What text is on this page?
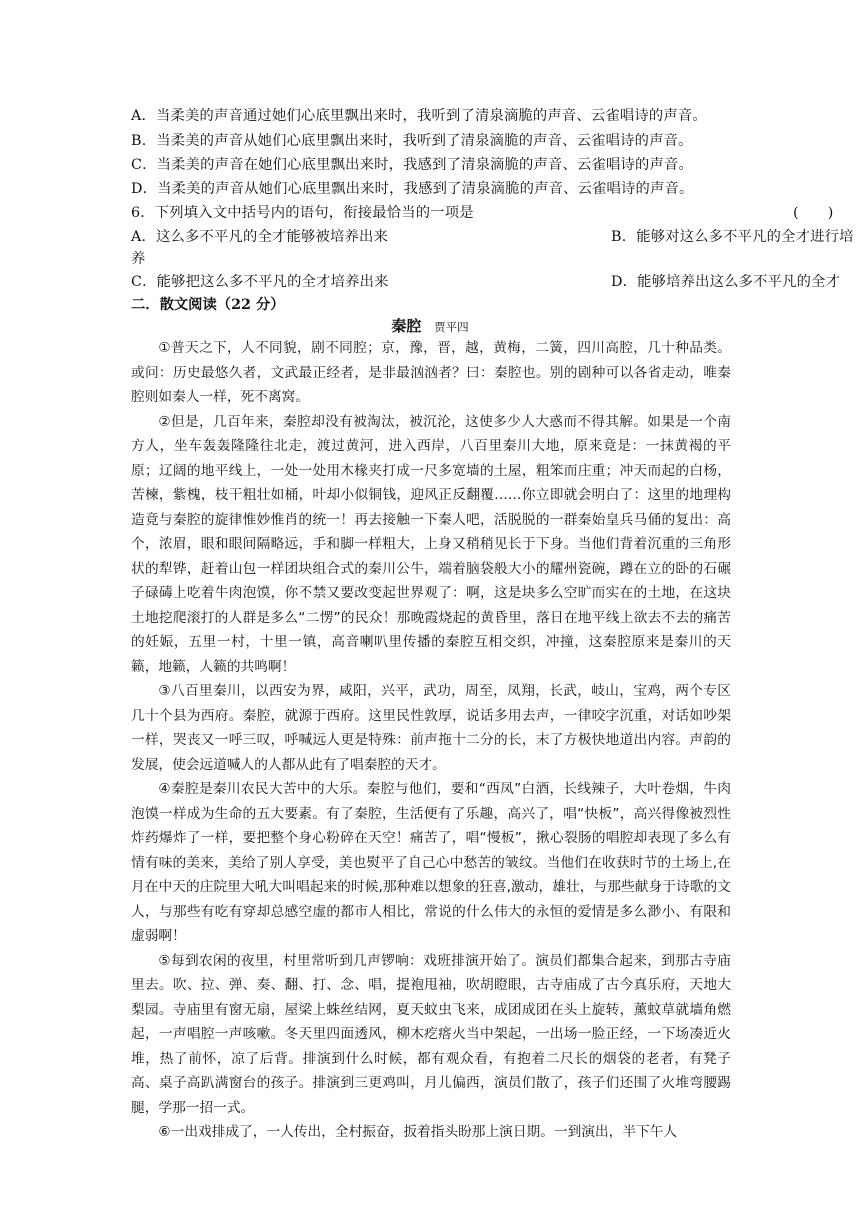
A．当柔美的声音通过她们心底里飘出来时，我听到了清泉滴脆的声音、云雀唱诗的声音。
B．当柔美的声音从她们心底里飘出来时，我听到了清泉滴脆的声音、云雀唱诗的声音。
C．当柔美的声音在她们心底里飘出来时，我感到了清泉滴脆的声音、云雀唱诗的声音。
D．当柔美的声音从她们心底里飘出来时，我感到了清泉滴脆的声音、云雀唱诗的声音。
6．下列填入文中括号内的语句，衔接最恰当的一项是	(　　)
A．这么多不平凡的全才能够被培养出来	B．能够对这么多不平凡的全才进行培
养
C．能够把这么多不平凡的全才培养出来	D．能够培养出这么多不平凡的全才
二．散文阅读（22 分）
秦腔 贾平四

①普天之下，人不同貌，剧不同腔；京，豫，晋，越，黄梅，二簧，四川高腔，几十种品类。或问：历史最悠久者，文武最正经者，是非最汹汹者？曰：秦腔也。别的剧种可以各省走动，唯秦腔则如秦人一样，死不离窝。

②但是，几百年来，秦腔却没有被淘汰，被沉沦，这使多少人大惑而不得其解。如果是一个南方人，坐车轰轰隆隆往北走，渡过黄河，进入西岸，八百里秦川大地，原来竟是：一抹黄褐的平原；辽阔的地平线上，一处一处用木椽夹打成一尺多宽墙的土屋，粗笨而庄重；冲天而起的白杨，苦楝，紫槐，枝干粗壮如桶，叶却小似铜钱，迎风正反翻覆……你立即就会明白了：这里的地理构造竟与秦腔的旋律惟妙惟肖的统一！再去接触一下秦人吧，活脱脱的一群秦始皇兵马俑的复出：高个，浓眉，眼和眼间隔略远，手和脚一样粗大，上身又稍稍见长于下身。当他们背着沉重的三角形状的犁铧，赶着山包一样团块组合式的秦川公牛，端着脑袋般大小的耀州瓷碗，蹲在立的卧的石碾子碌碡上吃着牛肉泡馍，你不禁又要改变起世界观了：啊，这是块多么空旷而实在的土地，在这块土地挖爬滚打的人群是多么“二愣”的民众！那晚霞烧起的黄昏里，落日在地平线上欲去不去的痛苦的妊娠，五里一村，十里一镇，高音喇叭里传播的秦腔互相交织，冲撞，这秦腔原来是秦川的天籁，地籁，人籁的共鸣啊！

③八百里秦川，以西安为界，咸阳，兴平，武功，周至，凤翔，长武，岐山，宝鸡，两个专区几十个县为西府。秦腔，就源于西府。这里民性敦厚，说话多用去声，一律咬字沉重，对话如吵架一样，哭丧又一呼三叹，呼喊远人更是特殊：前声拖十二分的长，末了方极快地道出内容。声韵的发展，使会远道喊人的人都从此有了唱秦腔的天才。

④秦腔是秦川农民大苦中的大乐。秦腔与他们，要和“西凤”白酒，长线辣子，大叶卷烟，牛肉泡馍一样成为生命的五大要素。有了秦腔，生活便有了乐趣，高兴了，唱“快板”，高兴得像被烈性炸药爆炸了一样，要把整个身心粉碎在天空！痛苦了，唱“慢板”，揪心裂肠的唱腔却表现了多么有情有味的美来，美给了别人享受，美也熨平了自己心中愁苦的皱纹。当他们在收获时节的土场上,在月在中天的庄院里大吼大叫唱起来的时候,那种难以想象的狂喜,激动，雄壮，与那些献身于诗歌的文人，与那些有吃有穿却总感空虚的都市人相比，常说的什么伟大的永恒的爱情是多么渺小、有限和虚弱啊！

⑤每到农闲的夜里，村里常听到几声锣响：戏班排演开始了。演员们都集合起来，到那古寺庙里去。吹、拉、弹、奏、翻、打、念、唱，提袍甩袖，吹胡瞪眼，古寺庙成了古今真乐府，天地大梨园。寺庙里有窗无扇，屋梁上蛛丝结网，夏天蚊虫飞来，成团成团在头上旋转，薰蚊草就墙角燃起，一声唱腔一声咳嗽。冬天里四面透风，柳木疙瘩火当中架起，一出场一脸正经，一下场凑近火堆，热了前怀，凉了后背。排演到什么时候，都有观众看，有抱着二尺长的烟袋的老者，有凳子高、桌子高趴满窗台的孩子。排演到三更鸡叫，月儿偏西，演员们散了，孩子们还围了火堆弯腰踢腿，学那一招一式。

⑥一出戏排成了，一人传出，全村振奋，扳着指头盼那上演日期。一到演出，半下午人
